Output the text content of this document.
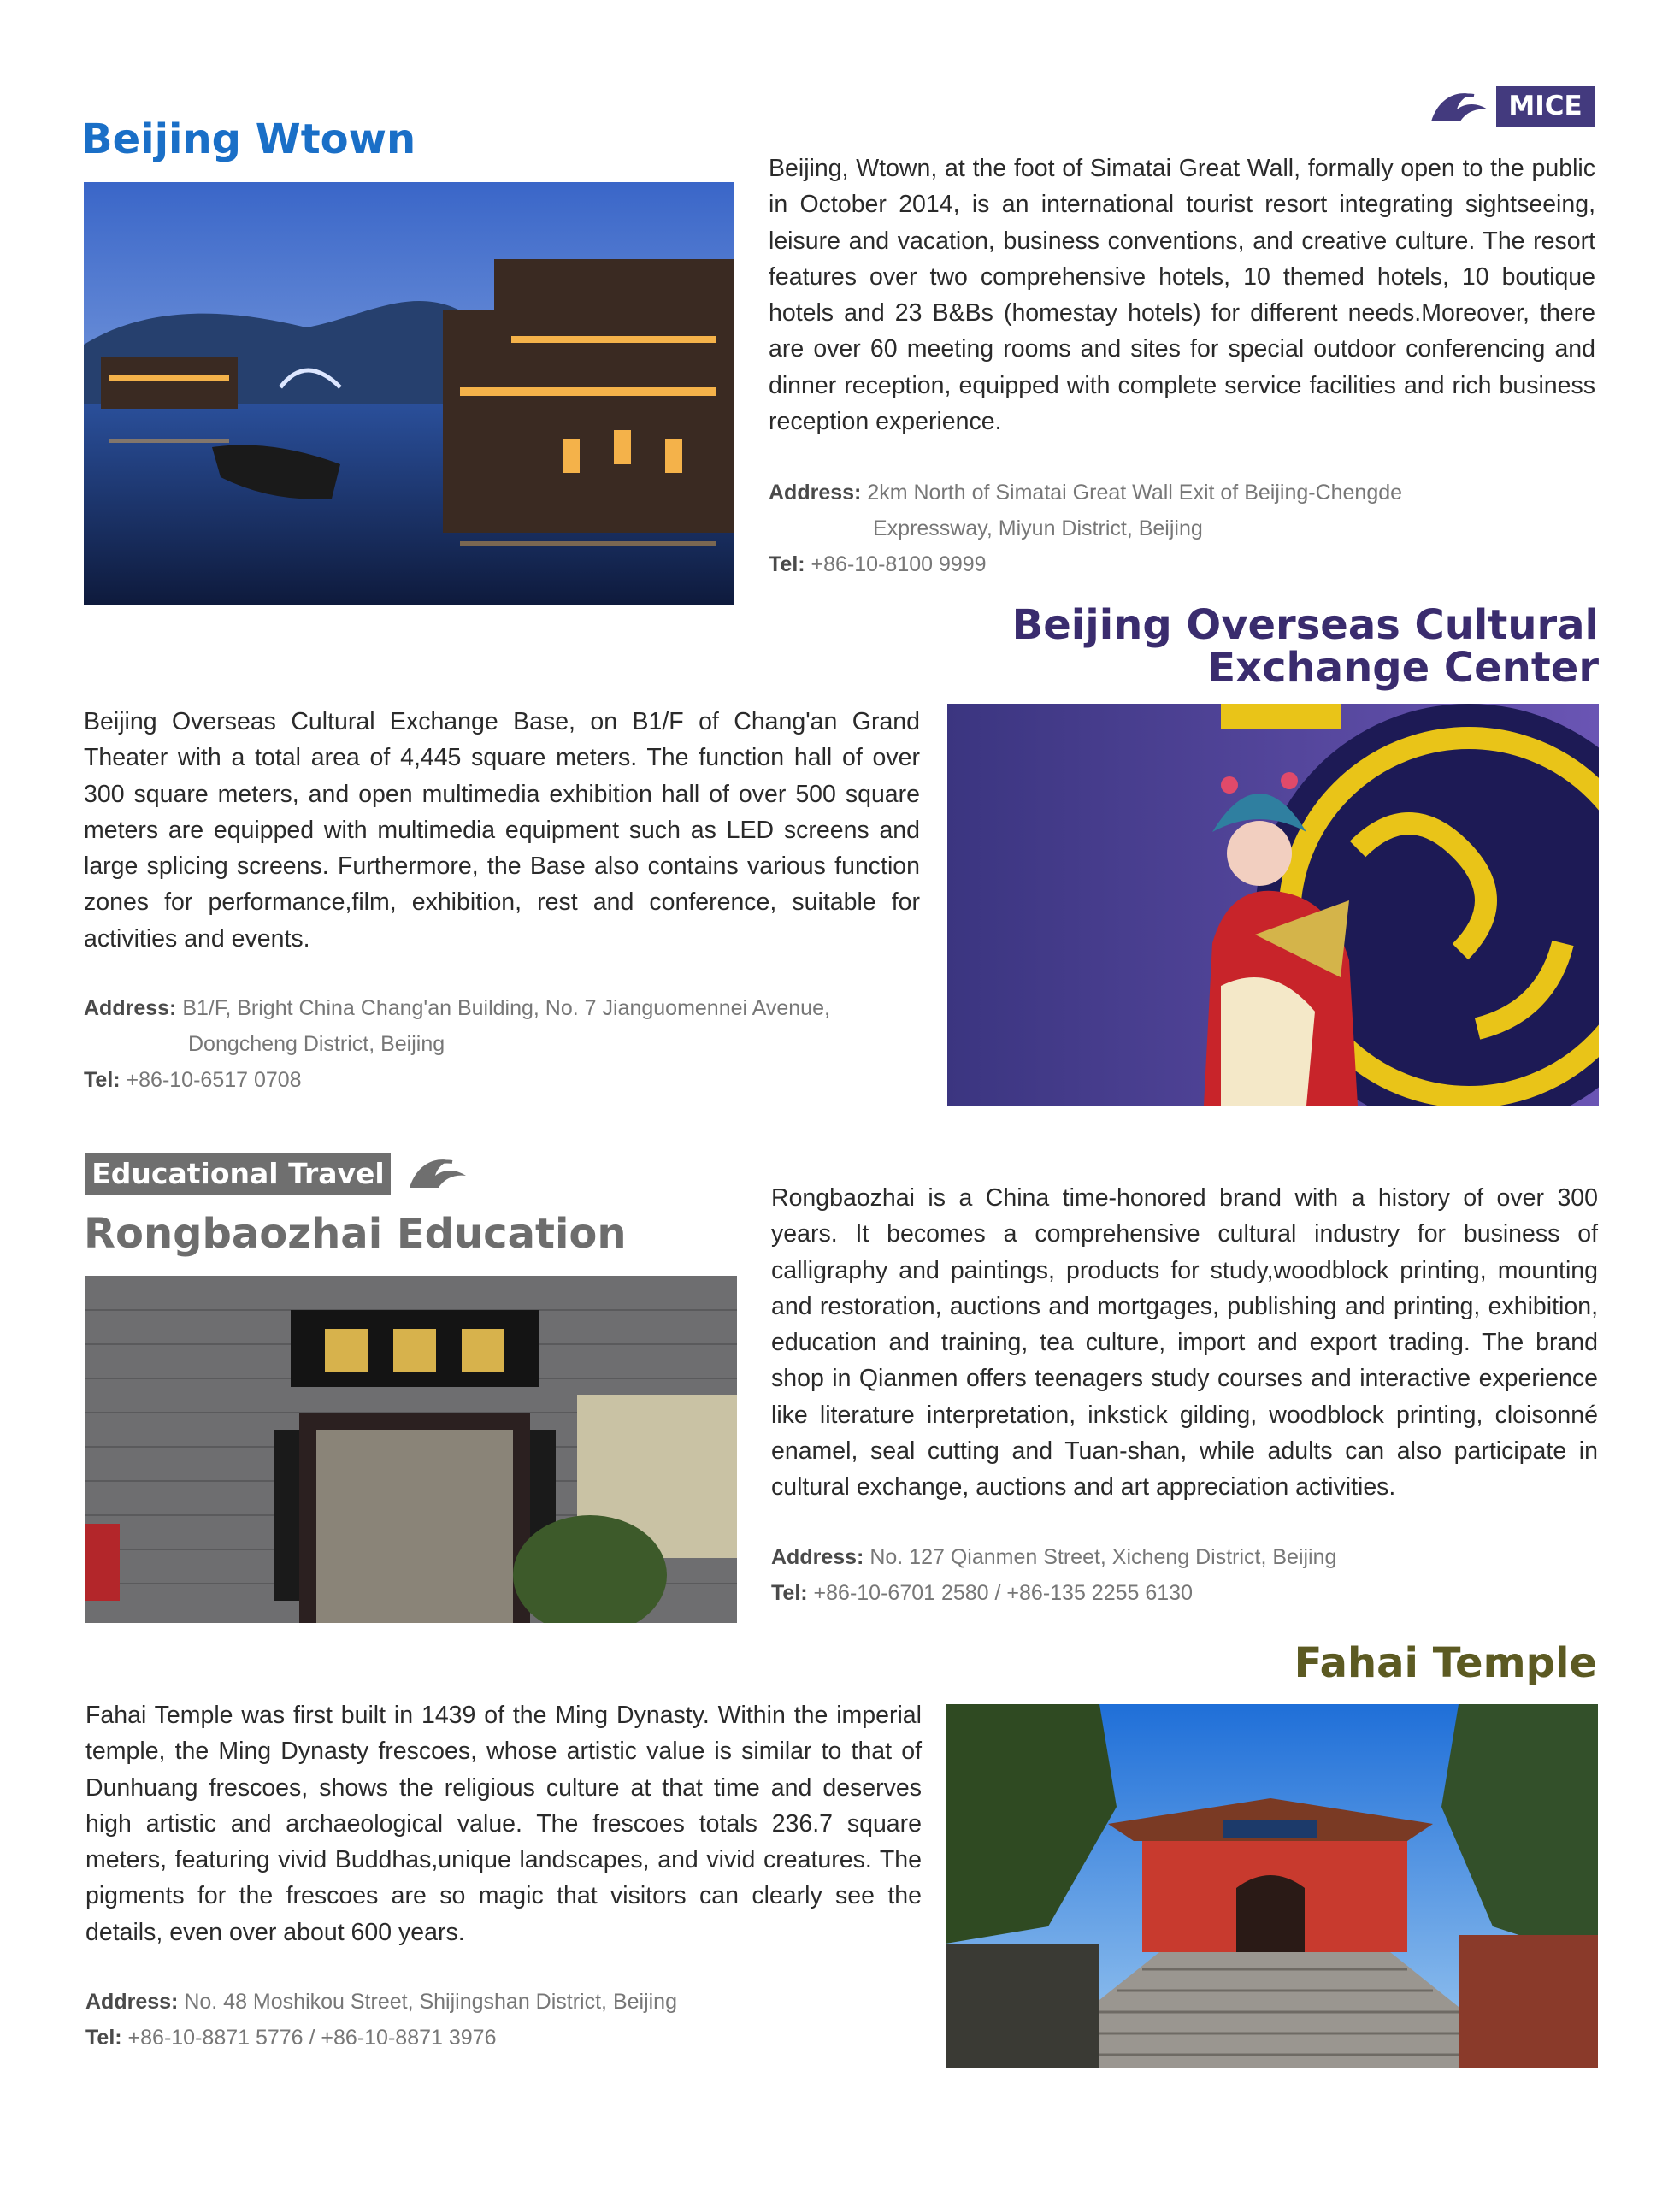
MICE
Beijing Wtown
Beijing, Wtown, at the foot of Simatai Great Wall, formally open to the public in October 2014, is an international tourist resort integrating sightseeing, leisure and vacation, business conventions, and creative culture. The resort features over two comprehensive hotels, 10 themed hotels, 10 boutique hotels and 23 B&Bs (homestay hotels) for different needs.Moreover, there are over 60 meeting rooms and sites for special outdoor conferencing and dinner reception, equipped with complete service facilities and rich business reception experience.
Address: 2km North of Simatai Great Wall Exit of Beijing-Chengde
Expressway, Miyun District, Beijing
Tel: +86-10-8100 9999
Beijing Overseas Cultural
Exchange Center
Beijing Overseas Cultural Exchange Base, on B1/F of Chang'an Grand Theater with a total area of 4,445 square meters. The function hall of over 300 square meters, and open multimedia exhibition hall of over 500 square meters are equipped with multimedia equipment such as LED screens and large splicing screens. Furthermore, the Base also contains various function zones for performance,film, exhibition, rest and conference, suitable for activities and events.
Address: B1/F, Bright China Chang'an Building, No. 7 Jianguomennei Avenue,
Dongcheng District, Beijing
Tel: +86-10-6517 0708
Educational Travel
Rongbaozhai Education
Rongbaozhai is a China time-honored brand with a history of over 300 years. It becomes a comprehensive cultural industry for business of calligraphy and paintings, products for study,woodblock printing, mounting and restoration, auctions and mortgages, publishing and printing, exhibition, education and training, tea culture, import and export trading. The brand shop in Qianmen offers teenagers study courses and interactive experience like literature interpretation, inkstick gilding, woodblock printing, cloisonné enamel, seal cutting and Tuan-shan, while adults can also participate in cultural exchange, auctions and art appreciation activities.
Address: No. 127 Qianmen Street, Xicheng District, Beijing
Tel: +86-10-6701 2580 / +86-135 2255 6130
Fahai Temple
Fahai Temple was first built in 1439 of the Ming Dynasty. Within the imperial temple, the Ming Dynasty frescoes, whose artistic value is similar to that of Dunhuang frescoes, shows the religious culture at that time and deserves high artistic and archaeological value. The frescoes totals 236.7 square meters, featuring vivid Buddhas,unique landscapes, and vivid creatures. The pigments for the frescoes are so magic that visitors can clearly see the details, even over about 600 years.
Address: No. 48 Moshikou Street, Shijingshan District, Beijing
Tel: +86-10-8871 5776 / +86-10-8871 3976
